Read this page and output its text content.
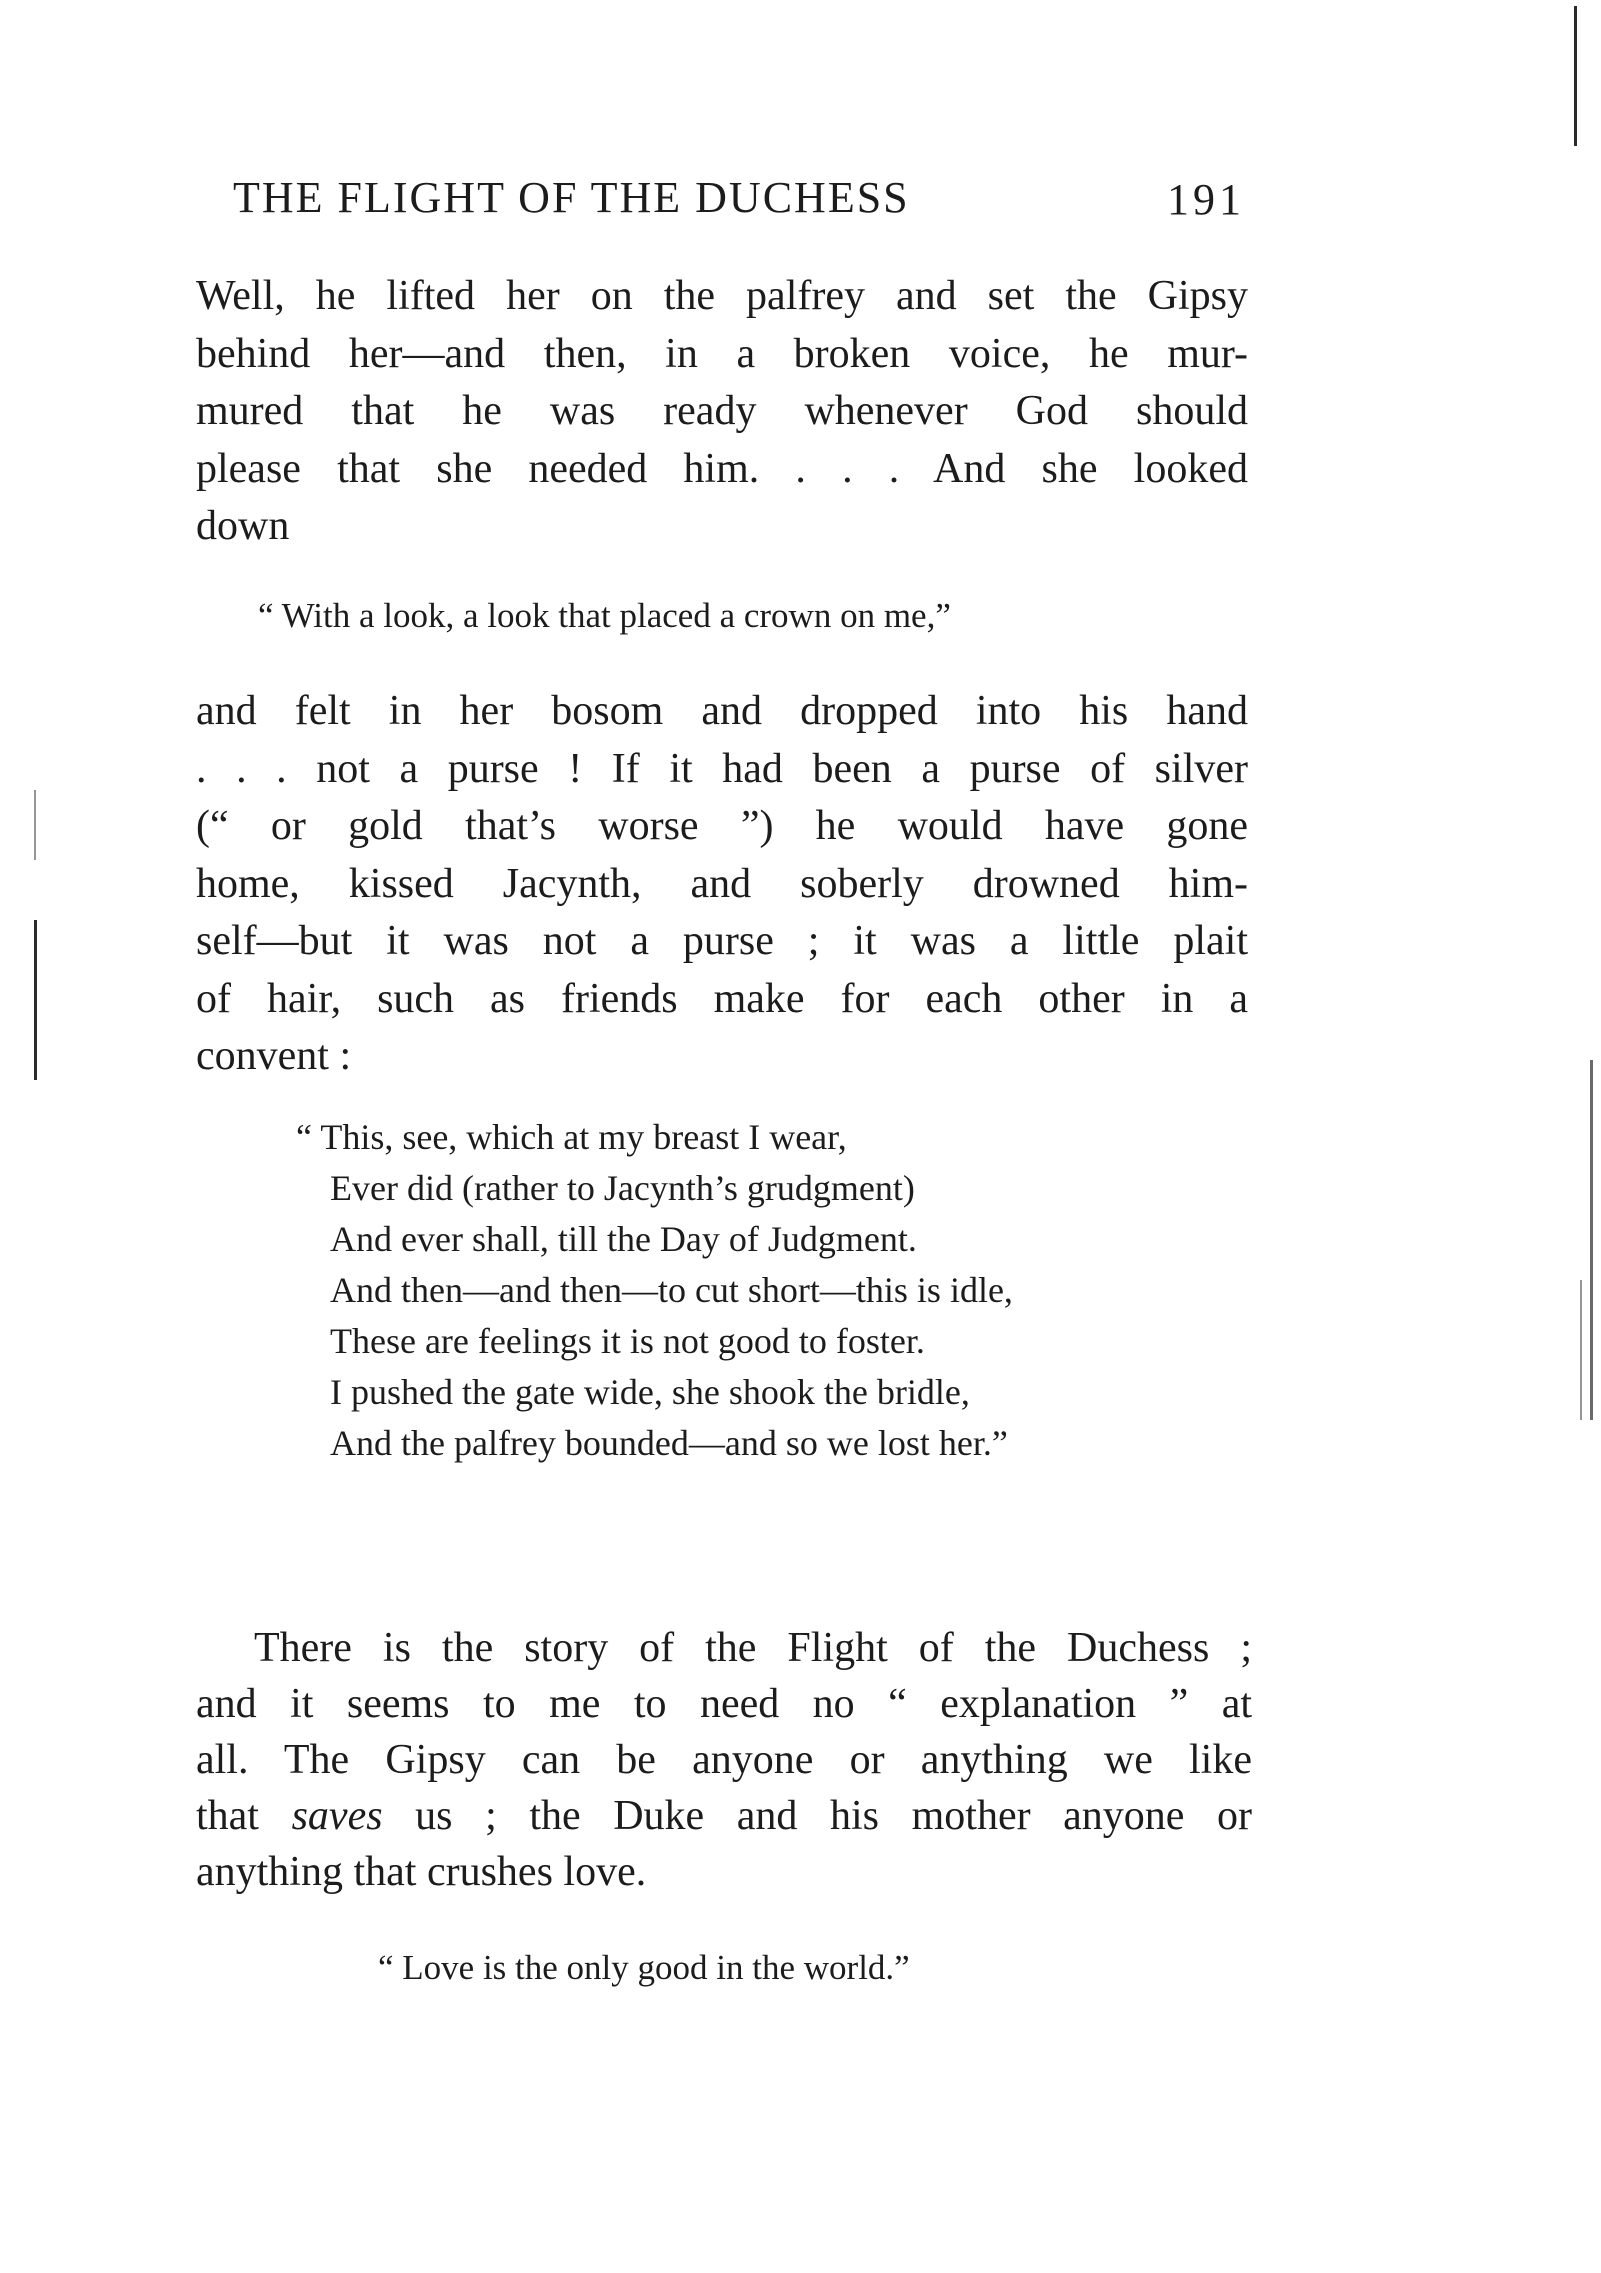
THE FLIGHT OF THE DUCHESS	191
Well, he lifted her on the palfrey and set the Gipsy
behind her—and then, in a broken voice, he mur-
mured that he was ready whenever God should
please that she needed him. . . . And she looked
down
“ With a look, a look that placed a crown on me,”
and felt in her bosom and dropped into his hand
. . . not a purse ! If it had been a purse of silver
(“ or gold that’s worse ”) he would have gone
home, kissed Jacynth, and soberly drowned him-
self—but it was not a purse ; it was a little plait
of hair, such as friends make for each other in a
convent :
“ This, see, which at my breast I wear,
Ever did (rather to Jacynth’s grudgment)
And ever shall, till the Day of Judgment.
And then—and then—to cut short—this is idle,
These are feelings it is not good to foster.
I pushed the gate wide, she shook the bridle,
And the palfrey bounded—and so we lost her.”
There is the story of the Flight of the Duchess ;
and it seems to me to need no “ explanation ” at
all. The Gipsy can be anyone or anything we like
that saves us ; the Duke and his mother anyone or
anything that crushes love.
“ Love is the only good in the world.”
